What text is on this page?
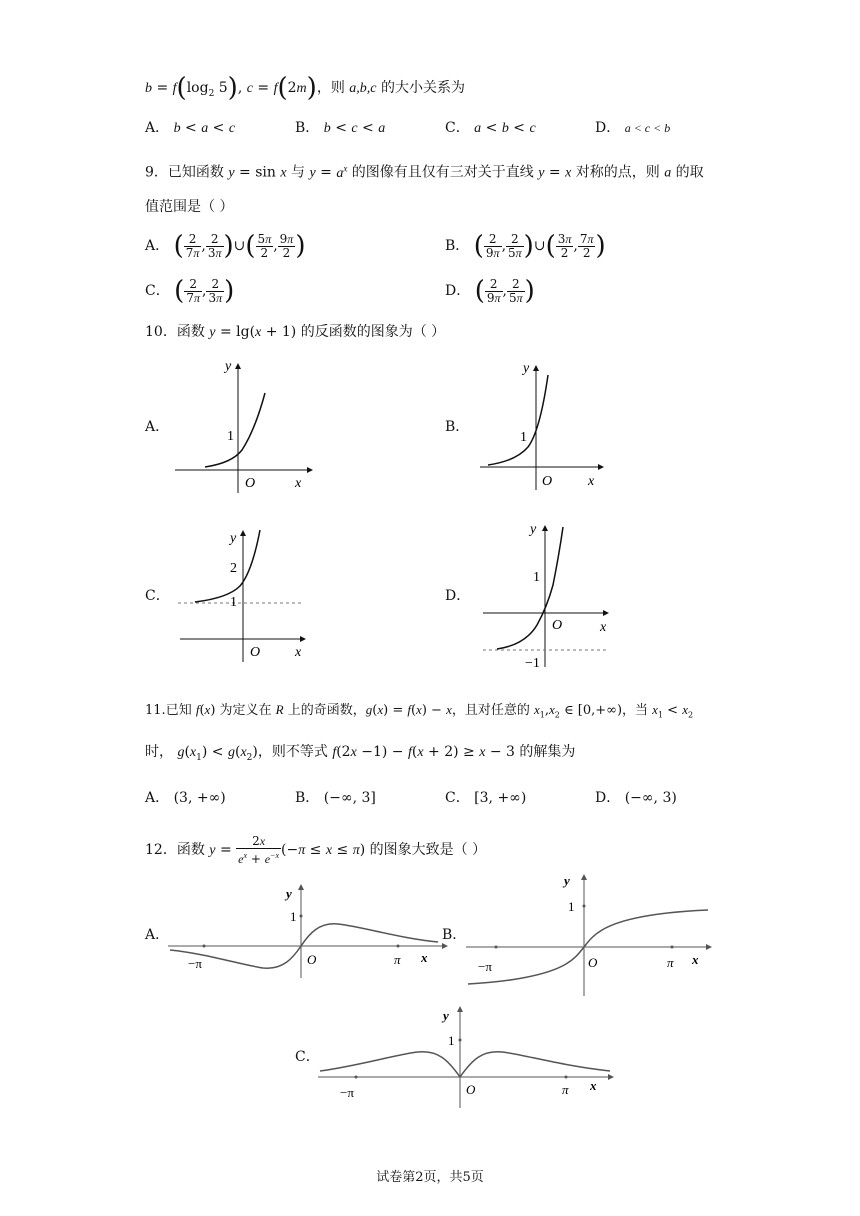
$b = f(\log_2$ 5), c = f(2m)，则 a,b,c 的大小关系为
A． b < a < c	B． b < c < a	C． a < b < c	D． a < c < b
9．已知函数 y = sin x 与 $y = a^x$ 的图像有且仅有三对关于直线 y = x 对称的点，则 a 的取
值范围是（ ）
A． ( $\frac{2}{7\pi}$ , $\frac{2}{3\pi}$ )∪( $\frac{5\pi}{2}$ , $\frac{9\pi}{2}$ )	B． ( $\frac{2}{9\pi}$ , $\frac{2}{5\pi}$ )∪( $\frac{3\pi}{2}$ , $\frac{7\pi}{2}$ )
C． ( $\frac{2}{7\pi}$ , $\frac{2}{3\pi}$ )	D． ( $\frac{2}{9\pi}$ , $\frac{2}{5\pi}$ )
10．函数 y = lg(x + 1) 的反函数的图象为（ ）
A．
y
x
O
1
B．
y
x
O
1
C．
y
x
O
2
1	D．
y
x
O
1
−1
11.已知 f(x) 为定义在 R 上的奇函数，g(x) = f(x) − x，且对任意的 $x_1,x_2$ ∈ [0,+∞)，当 $x_1 < x_2$
时， $g(x_1) < g(x_2)$，则不等式 f(2x −1) − f(x + 2) ≥ x − 3 的解集为
A． (3, +∞)	B． (−∞, 3]	C． [3, +∞)	D． (−∞, 3)
12．函数 $y = \frac{2x}{e^x + e^{-x}} (-\pi \le x \le \pi)$ 的图象大致是（ ）
A．
y
1
−π	O	π x
B．
y
1
−π	O	π x
C．
y
1
−π	O	π x
试卷第2页，共5页
